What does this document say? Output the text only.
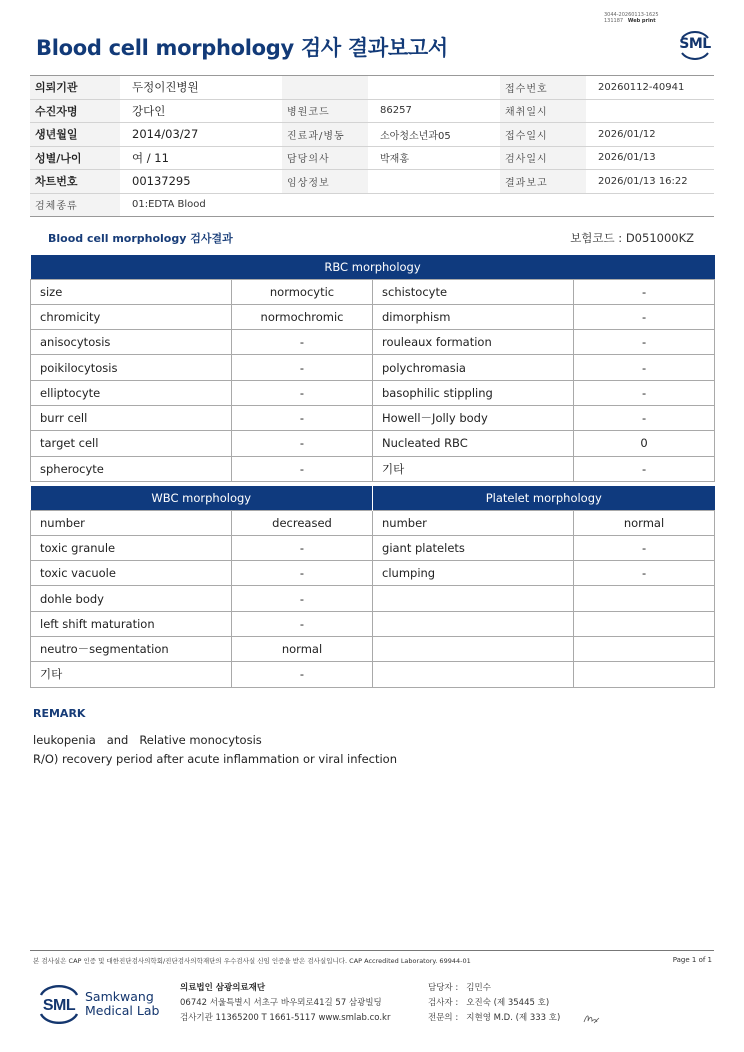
3044-20260113-1625
131187 Web print
Blood cell morphology 검사 결과보고서	SML
의뢰기관	두정이진병원			접수번호	20260112-40941
수진자명	강다인	병원코드	86257	채취일시	
생년월일	2014/03/27	진료과/병동	소아청소년과05	접수일시	2026/01/12
성별/나이	여 / 11	담당의사	박재홍	검사일시	2026/01/13
차트번호	00137295	임상정보		결과보고	2026/01/13 16:22
검체종류	01:EDTA Blood				
Blood cell morphology 검사결과	보험코드 : D051000KZ
RBC morphology			
size	normocytic	schistocyte	-
chromicity	normochromic	dimorphism	-
anisocytosis	-	rouleaux formation	-
poikilocytosis	-	polychromasia	-
elliptocyte	-	basophilic stippling	-
burr cell	-	Howell－Jolly body	-
target cell	-	Nucleated RBC	0
spherocyte	-	기타	-
WBC morphology		Platelet morphology	
number	decreased	number	normal
toxic granule	-	giant platelets	-
toxic vacuole	-	clumping	-
dohle body	-		
left shift maturation	-		
neutro－segmentation	normal		
기타	-		
REMARK
leukopenia   and   Relative monocytosis
R/O) recovery period after acute inflammation or viral infection
본 검사실은 CAP 인증 및 대한진단검사의학회/진단검사의학재단의 우수검사실 신임 인증을 받은 검사실입니다. CAP Accredited Laboratory. 69944-01	Page 1 of 1
SML
Samkwang
Medical Lab
의료법인 삼광의료재단
06742 서울특별시 서초구 바우뫼로41길 57 삼광빌딩
검사기관 11365200 T 1661-5117 www.smlab.co.kr
담당자 :   김민수
검사자 :   오진숙 (제 35445 호)
전문의 :   지현영 M.D. (제 333 호)
